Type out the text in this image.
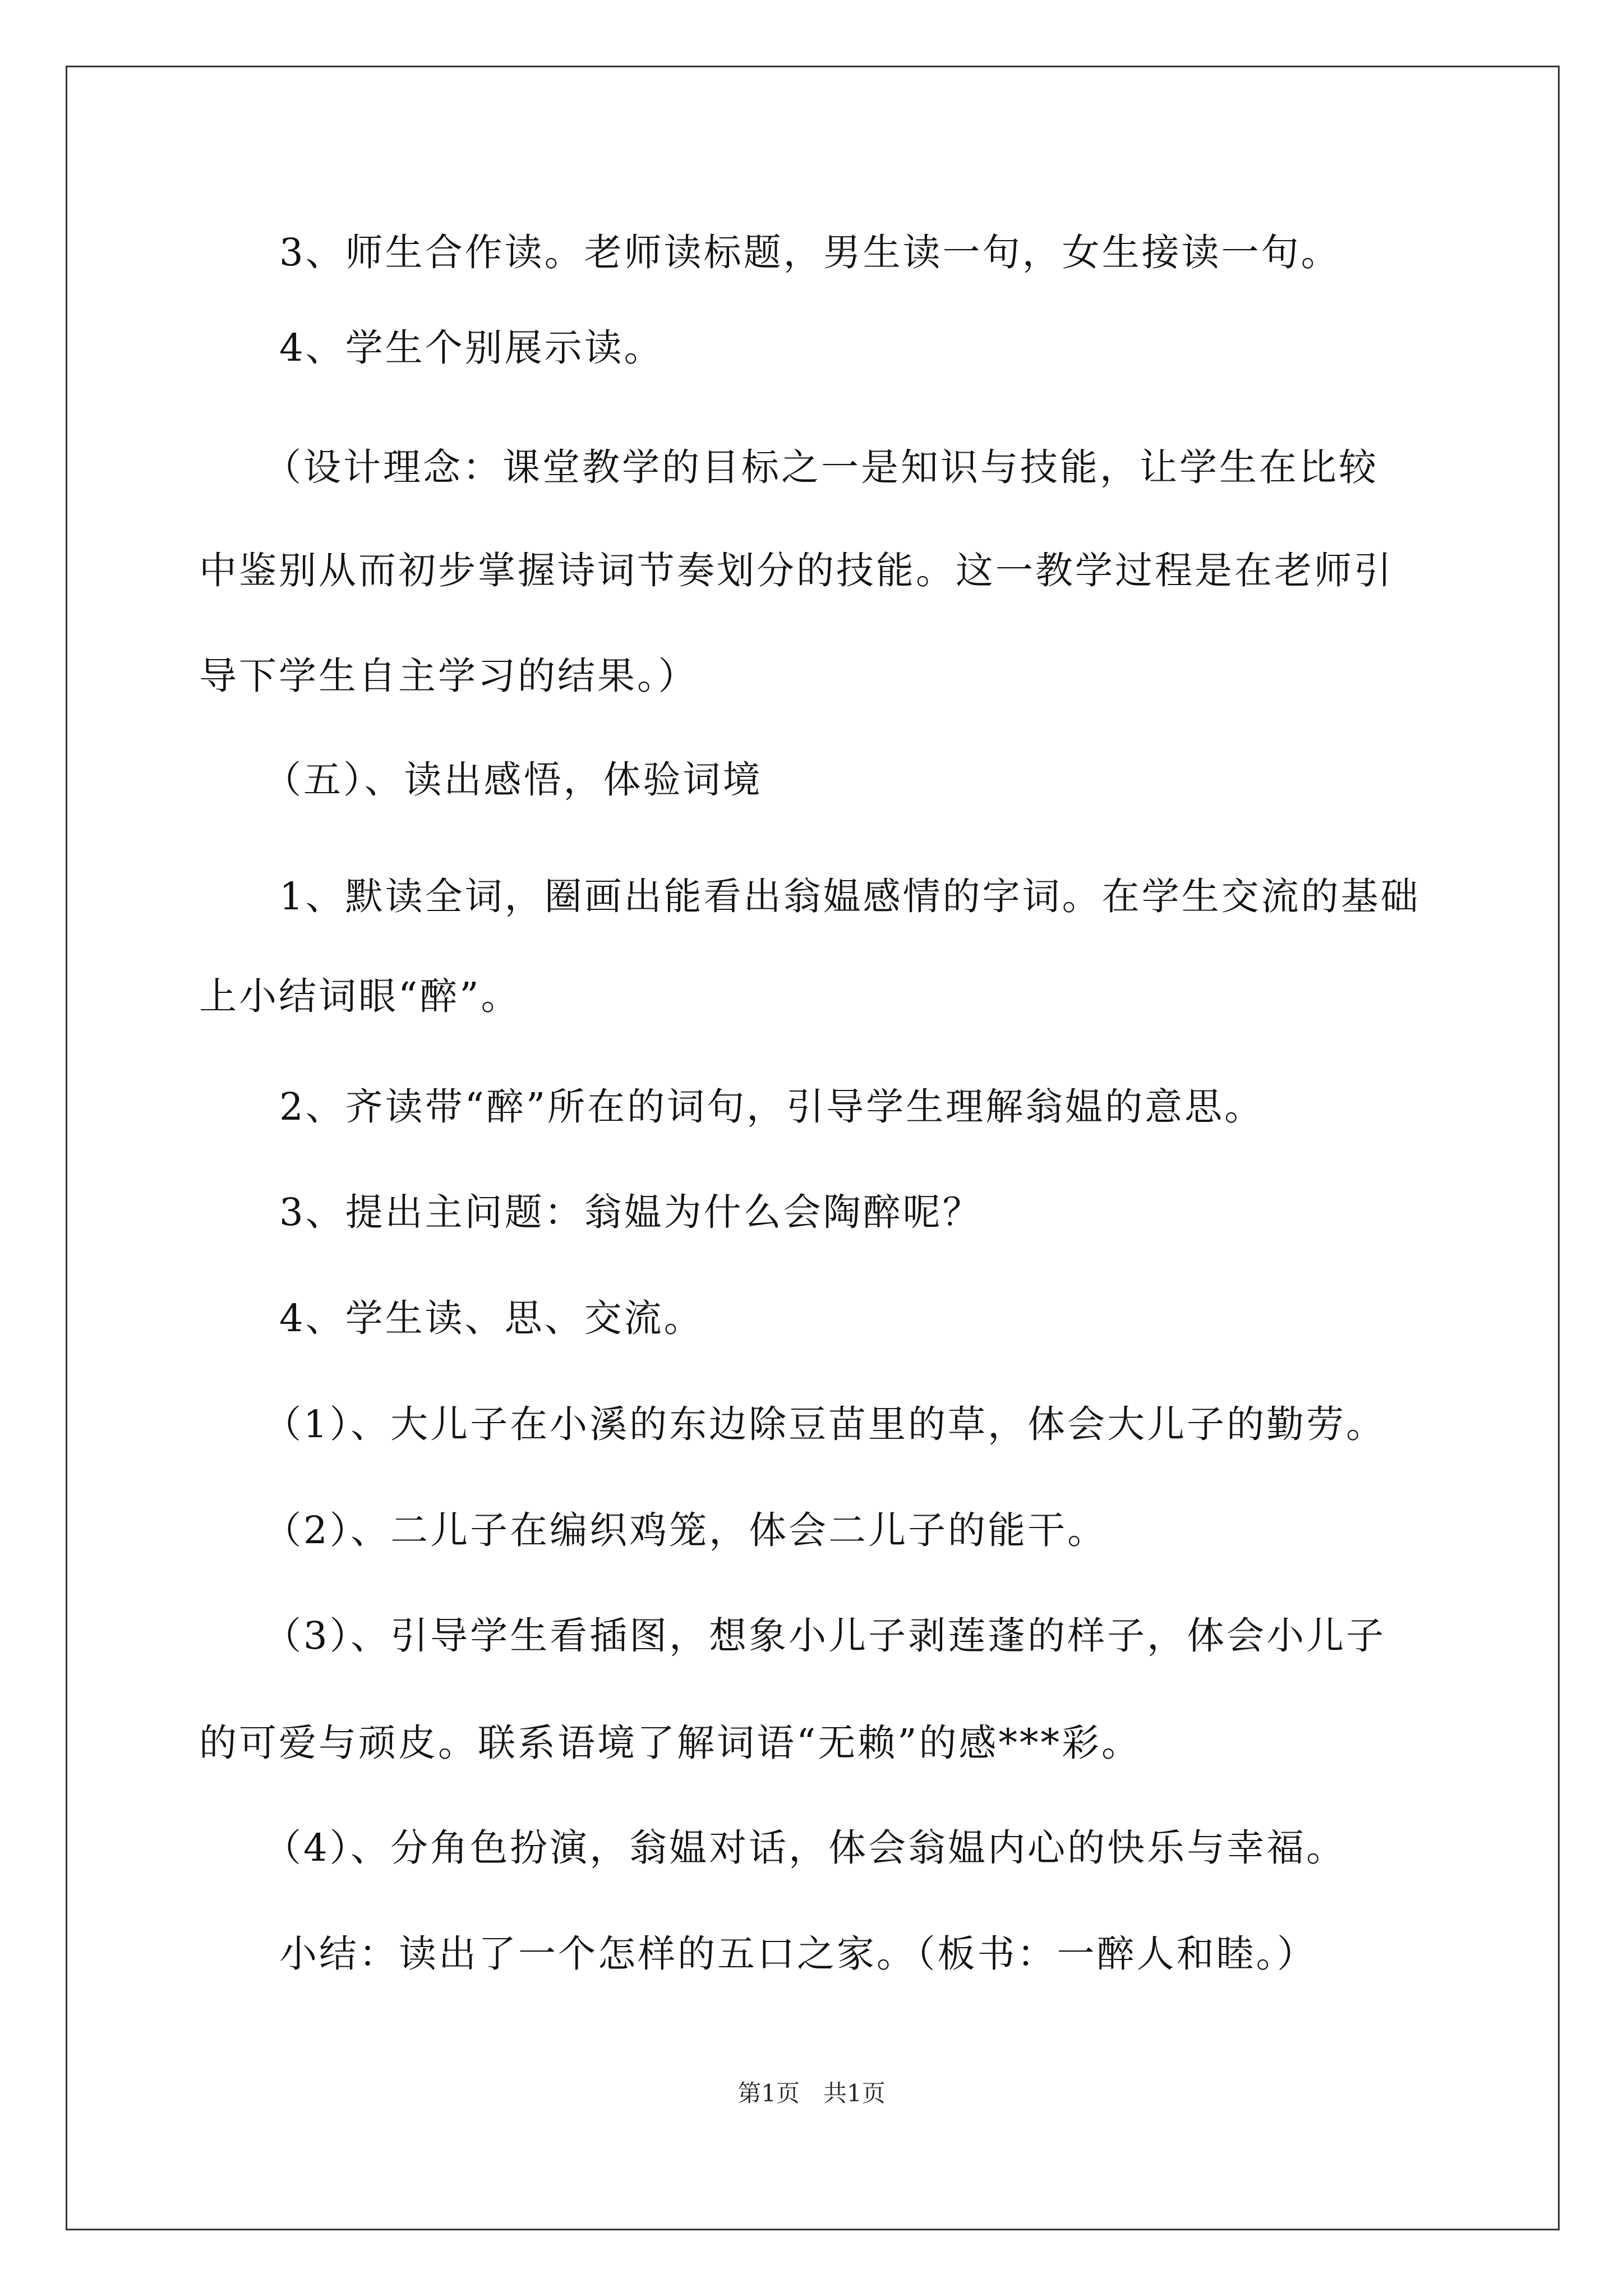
3、师生合作读。老师读标题，男生读一句，女生接读一句。
4、学生个别展示读。
（设计理念：课堂教学的目标之一是知识与技能，让学生在比较
中鉴别从而初步掌握诗词节奏划分的技能。这一教学过程是在老师引
导下学生自主学习的结果。）
（五）、读出感悟，体验词境
1、默读全词，圈画出能看出翁媪感情的字词。在学生交流的基础
上小结词眼“醉”。
2、齐读带“醉”所在的词句，引导学生理解翁媪的意思。
3、提出主问题：翁媪为什么会陶醉呢？
4、学生读、思、交流。
（1）、大儿子在小溪的东边除豆苗里的草，体会大儿子的勤劳。
（2）、二儿子在编织鸡笼，体会二儿子的能干。
（3）、引导学生看插图，想象小儿子剥莲蓬的样子，体会小儿子
的可爱与顽皮。联系语境了解词语“无赖”的感***彩。
（4）、分角色扮演，翁媪对话，体会翁媪内心的快乐与幸福。
小结：读出了一个怎样的五口之家。（板书：一醉人和睦。）
第1页　共1页
